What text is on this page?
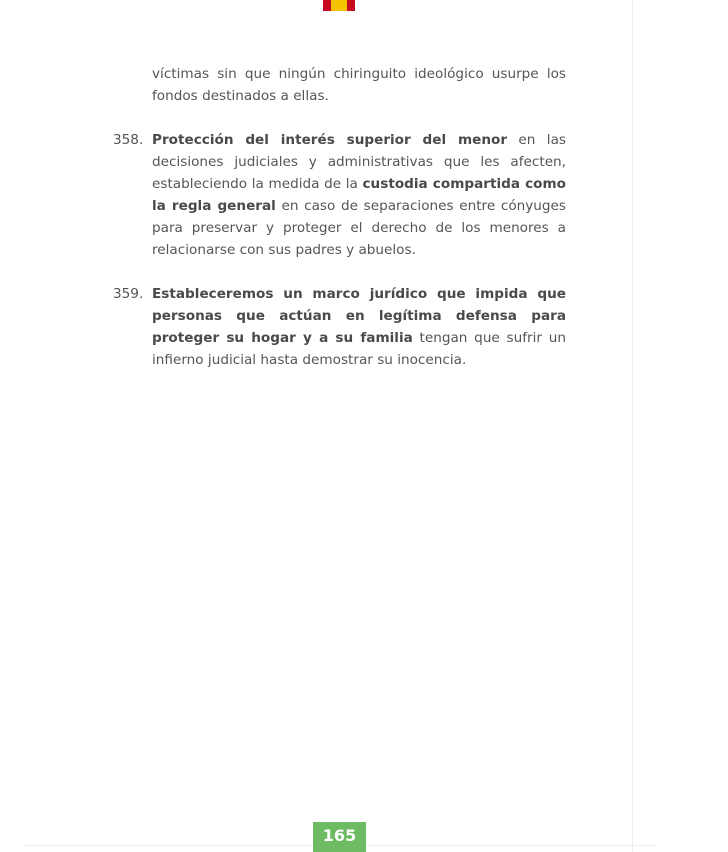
víctimas sin que ningún chiringuito ideológico usurpe los fondos destinados a ellas.

358. Protección del interés superior del menor en las decisiones judiciales y administrativas que les afecten, estableciendo la medida de la custodia compartida como la regla general en caso de separaciones entre cónyuges para preservar y proteger el derecho de los menores a relacionarse con sus padres y abuelos.

359. Estableceremos un marco jurídico que impida que personas que actúan en legítima defensa para proteger su hogar y a su familia tengan que sufrir un infierno judicial hasta demostrar su inocencia.

165
